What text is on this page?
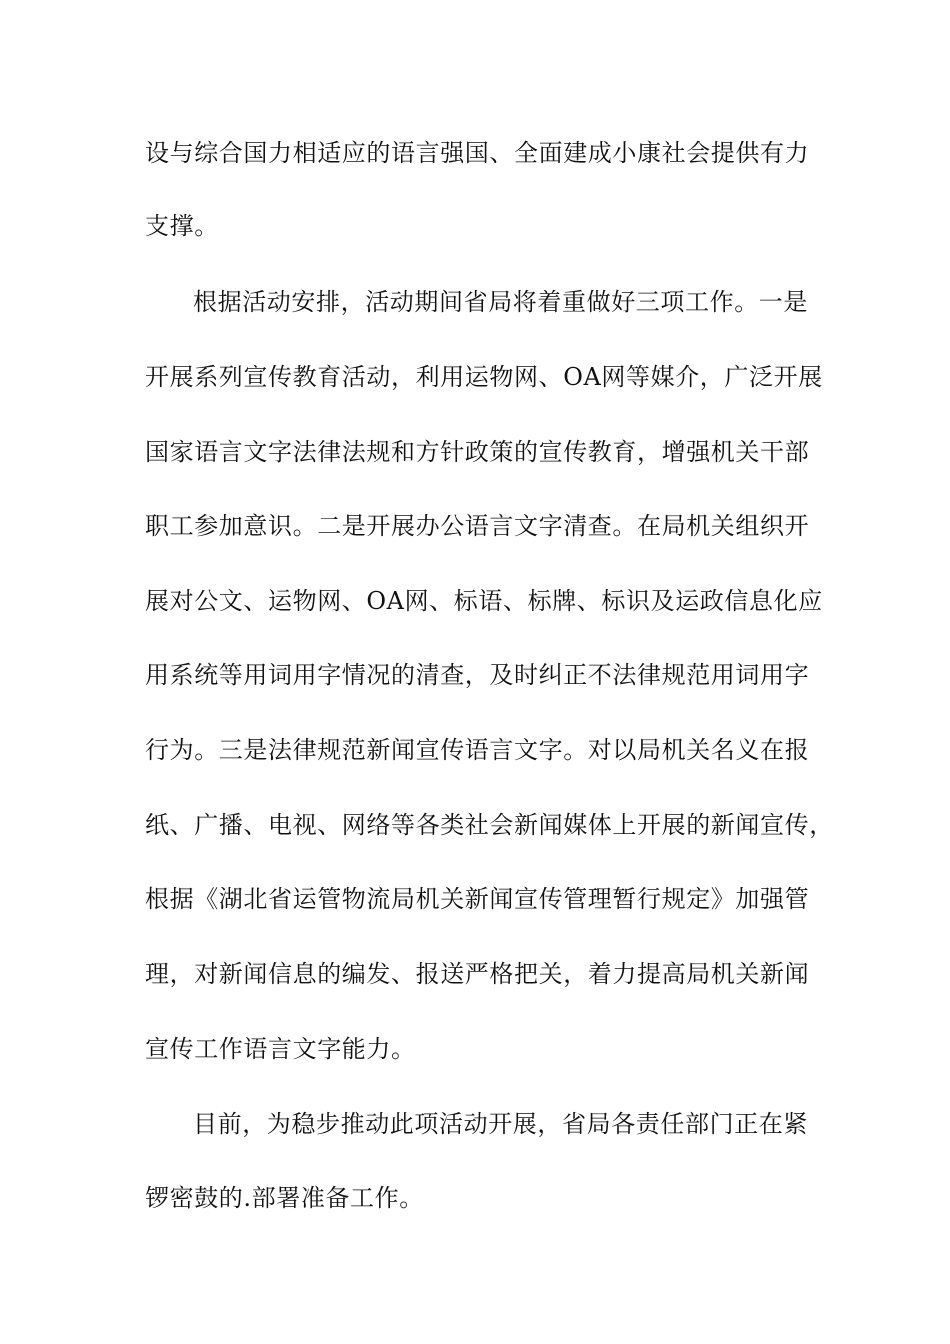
设与综合国力相适应的语言强国、全面建成小康社会提供有力
支撑。
根据活动安排，活动期间省局将着重做好三项工作。一是
开展系列宣传教育活动，利用运物网、OA网等媒介，广泛开展
国家语言文字法律法规和方针政策的宣传教育，增强机关干部
职工参加意识。二是开展办公语言文字清查。在局机关组织开
展对公文、运物网、OA网、标语、标牌、标识及运政信息化应
用系统等用词用字情况的清查，及时纠正不法律规范用词用字
行为。三是法律规范新闻宣传语言文字。对以局机关名义在报
纸、广播、电视、网络等各类社会新闻媒体上开展的新闻宣传，
根据《湖北省运管物流局机关新闻宣传管理暂行规定》加强管
理，对新闻信息的编发、报送严格把关，着力提高局机关新闻
宣传工作语言文字能力。
目前，为稳步推动此项活动开展，省局各责任部门正在紧
锣密鼓的.部署准备工作。
